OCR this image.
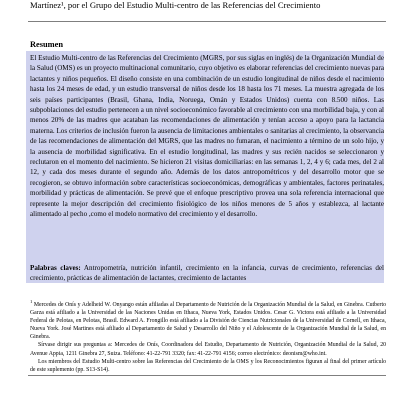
Martínez¹, por el Grupo del Estudio Multi-centro de las Referencias del Crecimiento
Resumen
El Estudio Multi-centro de las Referencias del Crecimiento (MGRS, por sus siglas en inglés) de la Organización Mundial de la Salud (OMS) es un proyecto multinacional comunitario, cuyo objetivo es elaborar referencias del crecimiento nuevas para lactantes y niños pequeños. El diseño consiste en una combinación de un estudio longitudinal de niños desde el nacimiento hasta los 24 meses de edad, y un estudio transversal de niños desde los 18 hasta los 71 meses. La muestra agregada de los seis países participantes (Brasil, Ghana, India, Noruega, Omán y Estados Unidos) cuenta con 8.500 niños. Las subpoblaciones del estudio pertenecen a un nivel socioeconómico favorable al crecimiento con una morbilidad baja, y con al menos 20% de las madres que acataban las recomendaciones de alimentación y tenían acceso a apoyo para la lactancia materna. Los criterios de inclusión fueron la ausencia de limitaciones ambientales o sanitarias al crecimiento, la observancia de las recomendaciones de alimentación del MGRS, que las madres no fumaran, el nacimiento a término de un solo hijo, y la ausencia de morbilidad significativa. En el estudio longitudinal, las madres y sus recién nacidos se seleccionaron y reclutaron en el momento del nacimiento. Se hicieron 21 visitas domiciliarias: en las semanas 1, 2, 4 y 6; cada mes, del 2 al 12, y cada dos meses durante el segundo año. Además de los datos antropométricos y del desarrollo motor que se recogieron, se obtuvo información sobre características socioeconómicas, demográficas y ambientales, factores perinatales, morbilidad y prácticas de alimentación. Se prevé que el enfoque prescriptivo provea una sola referencia internacional que represente la mejor descripción del crecimiento fisiológico de los niños menores de 5 años y establezca, al lactante alimentado al pecho ,como el modelo normativo del crecimiento y el desarrollo.
Palabras claves: Antropometría, nutrición infantil, crecimiento en la infancia, curvas de crecimiento, referencias del crecimiento, prácticas de alimentación de lactantes, crecimiento de lactantes

$^1$ Mercedes de Onís y Adelheid W. Onyango están afiliadas al Departamento de Nutrición de la Organización Mundial de la Salud, en Ginebra. Cutberto Garza está afiliado a la Universidad de las Naciones Unidas en Ithaca, Nueva York, Estados Unidos. Cesar G. Victora está afiliado a la Universidad Federal de Pelotas, en Pelotas, Brasil. Edward A. Frongillo está afiliado a la División de Ciencias Nutricionales de la Universidad de Cornell, en Ithaca, Nueva York. José Martines está afiliado al Departamento de Salud y Desarrollo del Niño y el Adolescente de la Organización Mundial de la Salud, en Ginebra.

Sírvase dirigir sus preguntas a: Mercedes de Onís, Coordinadora del Estudio, Departamento de Nutrición, Organización Mundial de la Salud, 20 Avenue Appia, 1211 Ginebra 27, Suiza. Teléfono: 41-22-791 3320; fax: 41-22-791 4156; correo electrónico: deonism@who.int.

Los miembros del Estudio Multi-centro sobre las Referencias del Crecimiento de la OMS y los Reconocimientos figuran al final del primer artículo de este suplemento (pp. S13-S14).
